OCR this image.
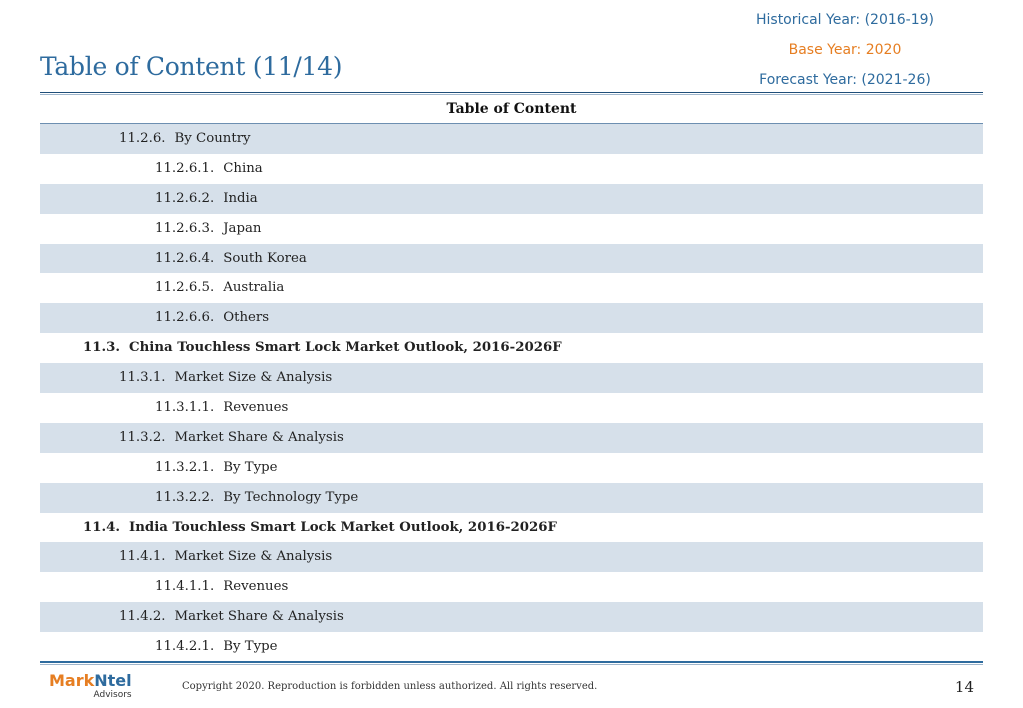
Historical Year: (2016-19)
Base Year: 2020
Forecast Year: (2021-26)
Table of Content (11/14)
Table of Content
11.2.6. By Country
11.2.6.1. China
11.2.6.2. India
11.2.6.3. Japan
11.2.6.4. South Korea
11.2.6.5. Australia
11.2.6.6. Others
11.3. China Touchless Smart Lock Market Outlook, 2016-2026F
11.3.1. Market Size & Analysis
11.3.1.1. Revenues
11.3.2. Market Share & Analysis
11.3.2.1. By Type
11.3.2.2. By Technology Type
11.4. India Touchless Smart Lock Market Outlook, 2016-2026F
11.4.1. Market Size & Analysis
11.4.1.1. Revenues
11.4.2. Market Share & Analysis
11.4.2.1. By Type
MarkNtel
Advisors
Copyright 2020. Reproduction is forbidden unless authorized. All rights reserved.	14
